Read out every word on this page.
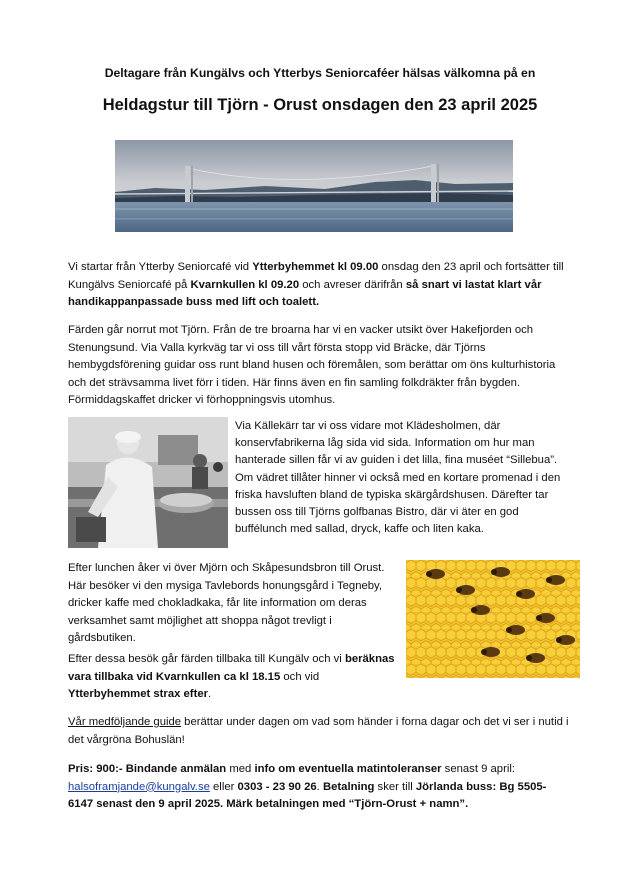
Deltagare från Kungälvs och Ytterbys Seniorcaféer hälsas välkomna på en
Heldagstur till Tjörn - Orust onsdagen den 23 april 2025
Vi startar från Ytterby Seniorcafé vid Ytterbyhemmet kl 09.00 onsdag den 23 april och fortsätter till Kungälvs Seniorcafé på Kvarnkullen kl 09.20 och avreser därifrån så snart vi lastat klart vår handikappanpassade buss med lift och toalett.
Färden går norrut mot Tjörn. Från de tre broarna har vi en vacker utsikt över Hakefjorden och Stenungsund. Via Valla kyrkväg tar vi oss till vårt första stopp vid Bräcke, där Tjörns hembygdsförening guidar oss runt bland husen och föremålen, som berättar om öns kulturhistoria och det strävsamma livet förr i tiden. Här finns även en fin samling folkdräkter från bygden. Förmiddagskaffet dricker vi förhoppningsvis utomhus.
Via Källekärr tar vi oss vidare mot Klädesholmen, där konservfabrikerna låg sida vid sida. Information om hur man hanterade sillen får vi av guiden i det lilla, fina muséet “Sillebua”. Om vädret tillåter hinner vi också med en kortare promenad i den friska havsluften bland de typiska skärgårdshusen. Därefter tar bussen oss till Tjörns golfbanas Bistro, där vi äter en god buffélunch med sallad, dryck, kaffe och liten kaka.
Efter lunchen åker vi över Mjörn och Skåpesundsbron till Orust. Här besöker vi den mysiga Tavlebords honungsgård i Tegneby, dricker kaffe med chokladkaka, får lite information om deras verksamhet samt möjlighet att shoppa något trevligt i gårdsbutiken.
Efter dessa besök går färden tillbaka till Kungälv och vi beräknas vara tillbaka vid Kvarnkullen ca kl 18.15 och vid Ytterbyhemmet strax efter.
Vår medföljande guide berättar under dagen om vad som händer i forna dagar och det vi ser i nutid i det vårgröna Bohuslän!
Pris: 900:- Bindande anmälan med info om eventuella matintoleranser senast 9 april:
halsoframjande@kungalv.se eller 0303 - 23 90 26. Betalning sker till Jörlanda buss: Bg 5505-6147 senast den 9 april 2025. Märk betalningen med “Tjörn-Orust + namn”.
